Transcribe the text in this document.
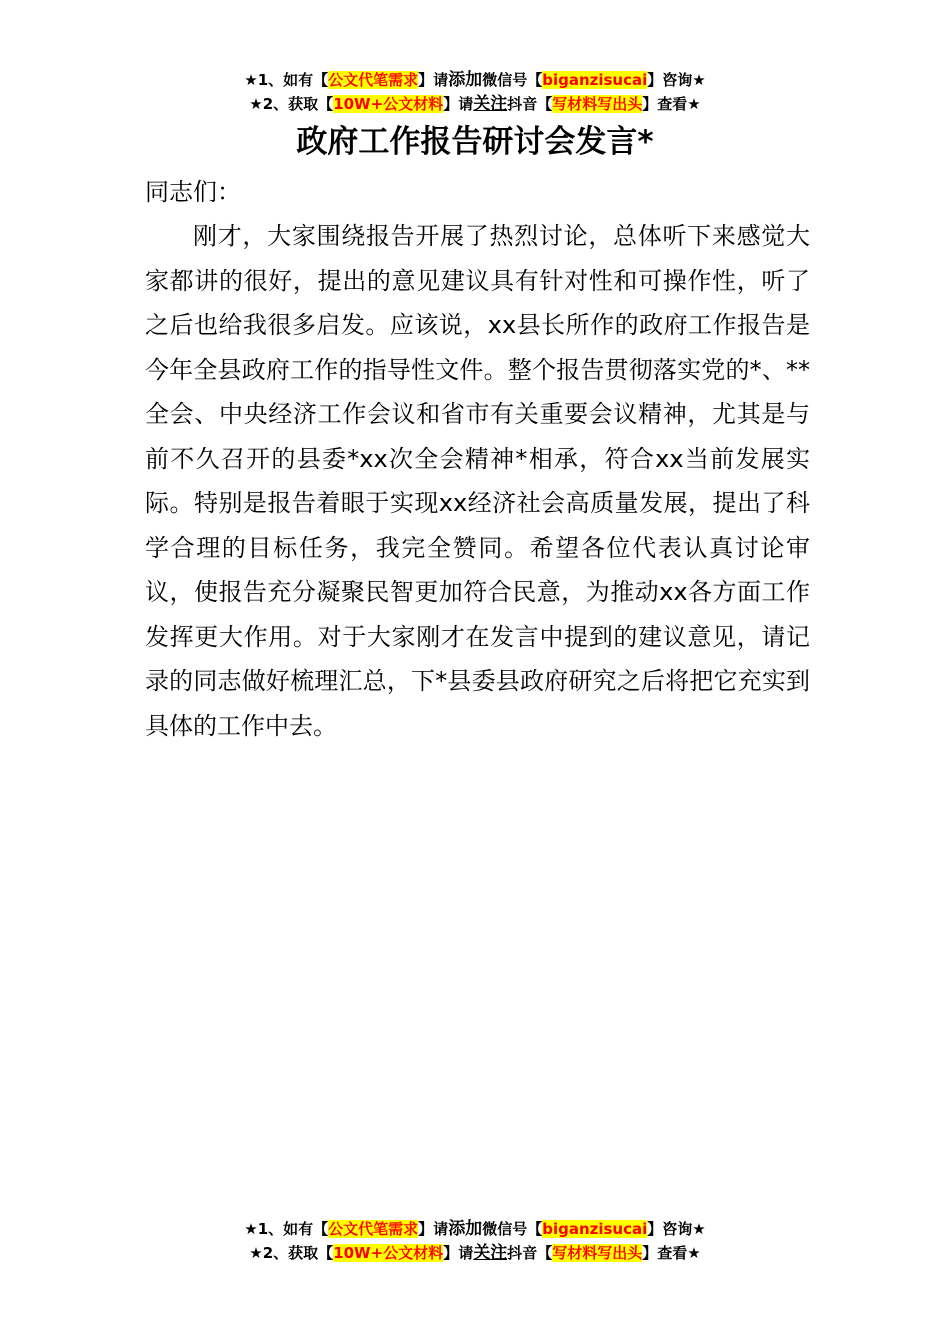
★1、如有【公文代笔需求】请添加微信号【biganzisucai】咨询★
★2、获取【10W+公文材料】请关注抖音【写材料写出头】查看★
政府工作报告研讨会发言*
同志们：

刚才，大家围绕报告开展了热烈讨论，总体听下来感觉大家都讲的很好，提出的意见建议具有针对性和可操作性，听了之后也给我很多启发。应该说，xx县长所作的政府工作报告是今年全县政府工作的指导性文件。整个报告贯彻落实党的*、**全会、中央经济工作会议和省市有关重要会议精神，尤其是与前不久召开的县委*xx次全会精神*相承，符合xx当前发展实际。特别是报告着眼于实现xx经济社会高质量发展，提出了科学合理的目标任务，我完全赞同。希望各位代表认真讨论审议，使报告充分凝聚民智更加符合民意，为推动xx各方面工作发挥更大作用。对于大家刚才在发言中提到的建议意见，请记录的同志做好梳理汇总，下*县委县政府研究之后将把它充实到具体的工作中去。

★1、如有【公文代笔需求】请添加微信号【biganzisucai】咨询★
★2、获取【10W+公文材料】请关注抖音【写材料写出头】查看★
